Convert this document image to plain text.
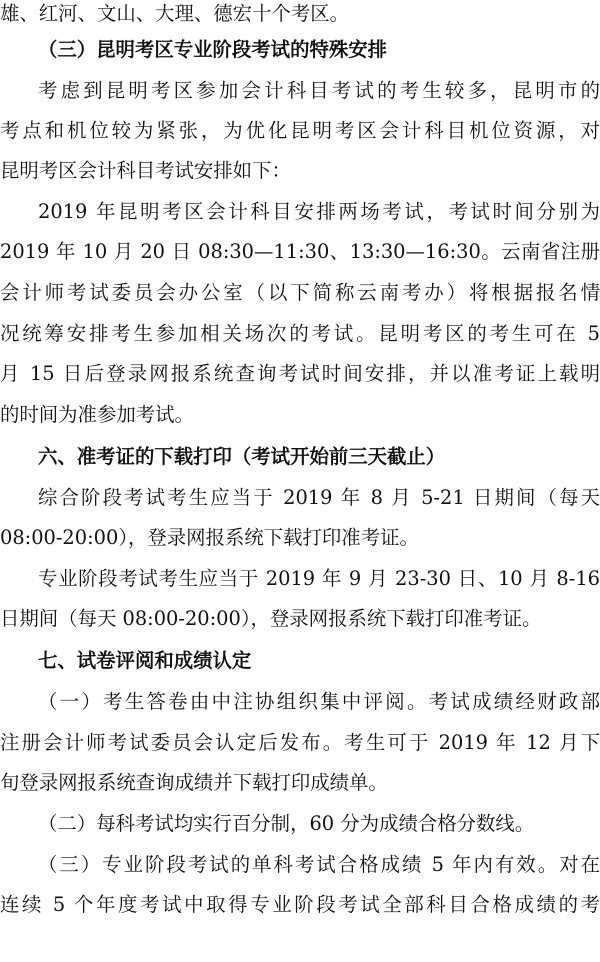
雄、红河、文山、大理、德宏十个考区。
（三）昆明考区专业阶段考试的特殊安排
考虑到昆明考区参加会计科目考试的考生较多，昆明市的
考点和机位较为紧张，为优化昆明考区会计科目机位资源，对
昆明考区会计科目考试安排如下：
2019 年昆明考区会计科目安排两场考试，考试时间分别为
2019 年 10 月 20 日 08:30—11:30、13:30—16:30。云南省注册
会计师考试委员会办公室（以下简称云南考办）将根据报名情
况统筹安排考生参加相关场次的考试。昆明考区的考生可在 5
月 15 日后登录网报系统查询考试时间安排，并以准考证上载明
的时间为准参加考试。
六、准考证的下载打印（考试开始前三天截止）
综合阶段考试考生应当于 2019 年 8 月 5-21 日期间（每天
08:00-20:00），登录网报系统下载打印准考证。
专业阶段考试考生应当于 2019 年 9 月 23-30 日、10 月 8-16
日期间（每天 08:00-20:00），登录网报系统下载打印准考证。
七、试卷评阅和成绩认定
（一）考生答卷由中注协组织集中评阅。考试成绩经财政部
注册会计师考试委员会认定后发布。考生可于 2019 年 12 月下
旬登录网报系统查询成绩并下载打印成绩单。
（二）每科考试均实行百分制，60 分为成绩合格分数线。
（三）专业阶段考试的单科考试合格成绩 5 年内有效。对在
连续 5 个年度考试中取得专业阶段考试全部科目合格成绩的考
